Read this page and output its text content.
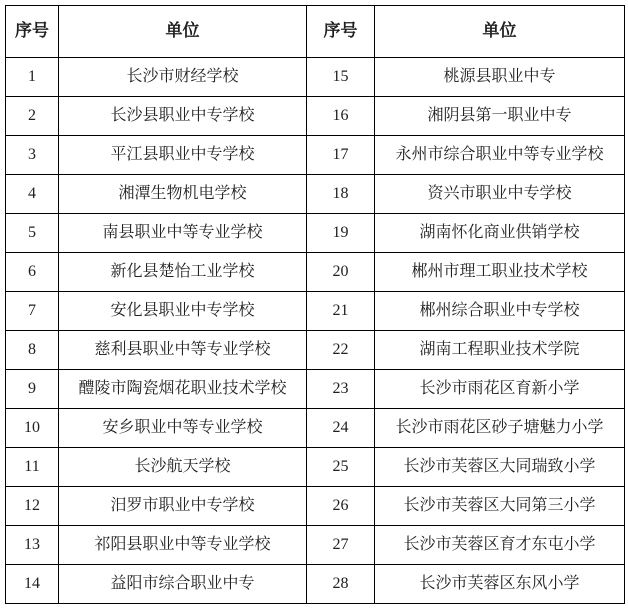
序号	单位	序号	单位
1	长沙市财经学校	15	桃源县职业中专
2	长沙县职业中专学校	16	湘阴县第一职业中专
3	平江县职业中专学校	17	永州市综合职业中等专业学校
4	湘潭生物机电学校	18	资兴市职业中专学校
5	南县职业中等专业学校	19	湖南怀化商业供销学校
6	新化县楚怡工业学校	20	郴州市理工职业技术学校
7	安化县职业中专学校	21	郴州综合职业中专学校
8	慈利县职业中等专业学校	22	湖南工程职业技术学院
9	醴陵市陶瓷烟花职业技术学校	23	长沙市雨花区育新小学
10	安乡职业中等专业学校	24	长沙市雨花区砂子塘魅力小学
11	长沙航天学校	25	长沙市芙蓉区大同瑞致小学
12	汨罗市职业中专学校	26	长沙市芙蓉区大同第三小学
13	祁阳县职业中等专业学校	27	长沙市芙蓉区育才东屯小学
14	益阳市综合职业中专	28	长沙市芙蓉区东风小学
